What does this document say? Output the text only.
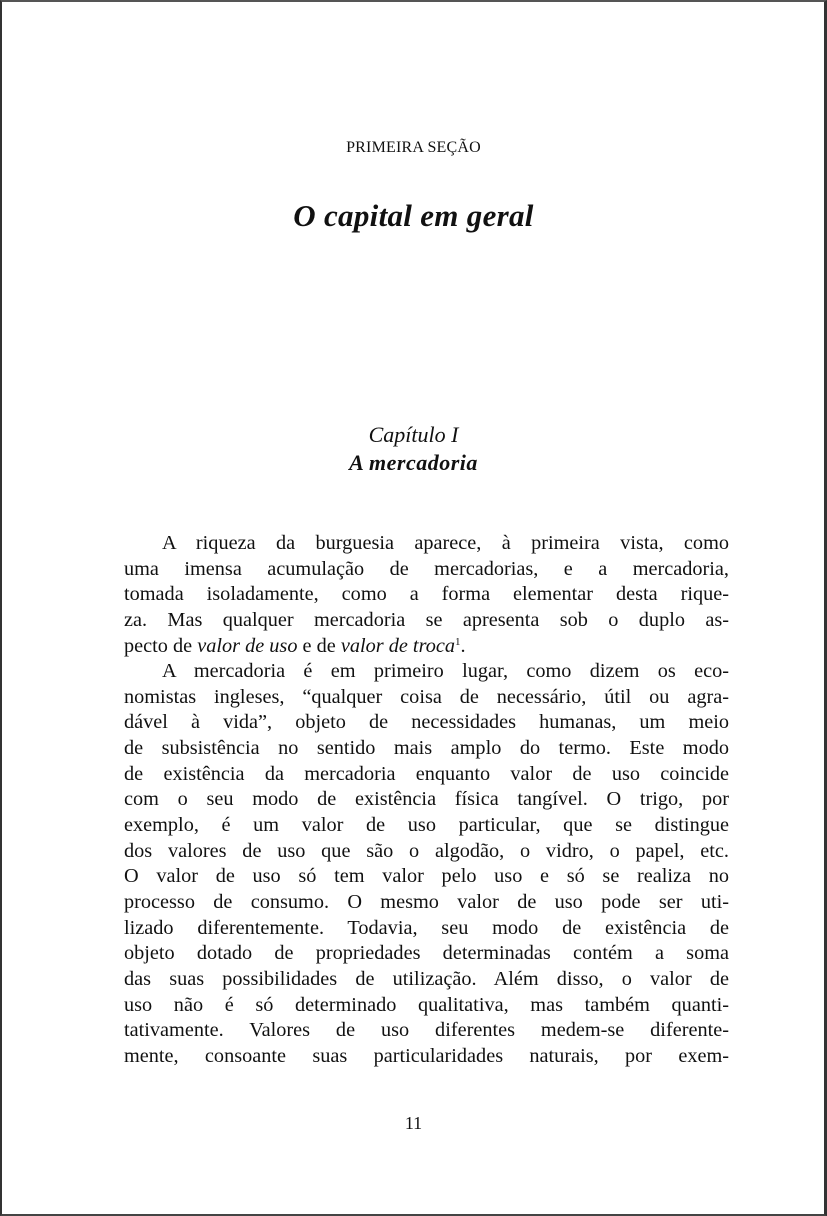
PRIMEIRA SEÇÃO
O capital em geral
Capítulo I
A mercadoria
A riqueza da burguesia aparece, à primeira vista, como
uma imensa acumulação de mercadorias, e a mercadoria,
tomada isoladamente, como a forma elementar desta rique-
za. Mas qualquer mercadoria se apresenta sob o duplo as-
pecto de valor de uso e de valor de troca$^1$.
A mercadoria é em primeiro lugar, como dizem os eco-
nomistas ingleses, “qualquer coisa de necessário, útil ou agra-
dável à vida”, objeto de necessidades humanas, um meio
de subsistência no sentido mais amplo do termo. Este modo
de existência da mercadoria enquanto valor de uso coincide
com o seu modo de existência física tangível. O trigo, por
exemplo, é um valor de uso particular, que se distingue
dos valores de uso que são o algodão, o vidro, o papel, etc.
O valor de uso só tem valor pelo uso e só se realiza no
processo de consumo. O mesmo valor de uso pode ser uti-
lizado diferentemente. Todavia, seu modo de existência de
objeto dotado de propriedades determinadas contém a soma
das suas possibilidades de utilização. Além disso, o valor de
uso não é só determinado qualitativa, mas também quanti-
tativamente. Valores de uso diferentes medem-se diferente-
mente, consoante suas particularidades naturais, por exem-
11
